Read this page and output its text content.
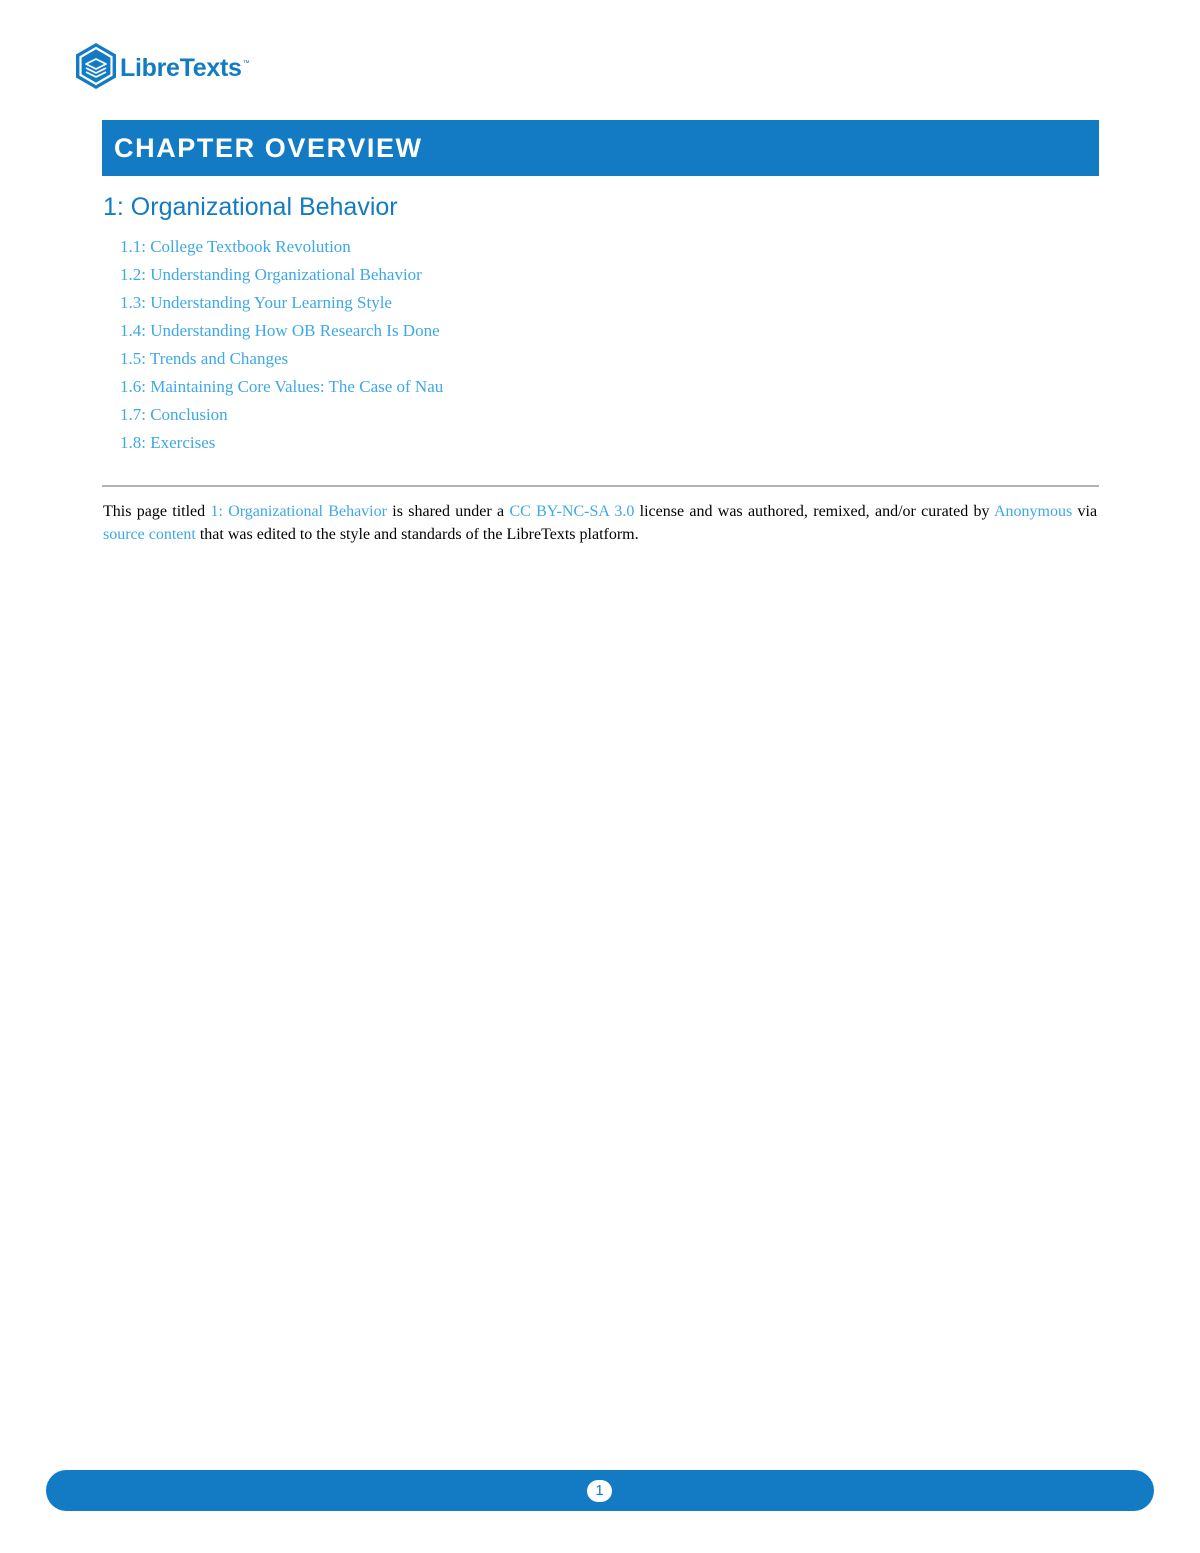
LibreTexts ™
CHAPTER OVERVIEW
1: Organizational Behavior
1.1: College Textbook Revolution
1.2: Understanding Organizational Behavior
1.3: Understanding Your Learning Style
1.4: Understanding How OB Research Is Done
1.5: Trends and Changes
1.6: Maintaining Core Values: The Case of Nau
1.7: Conclusion
1.8: Exercises

This page titled 1: Organizational Behavior is shared under a CC BY-NC-SA 3.0 license and was authored, remixed, and/or curated by Anonymous via source content that was edited to the style and standards of the LibreTexts platform.

1
